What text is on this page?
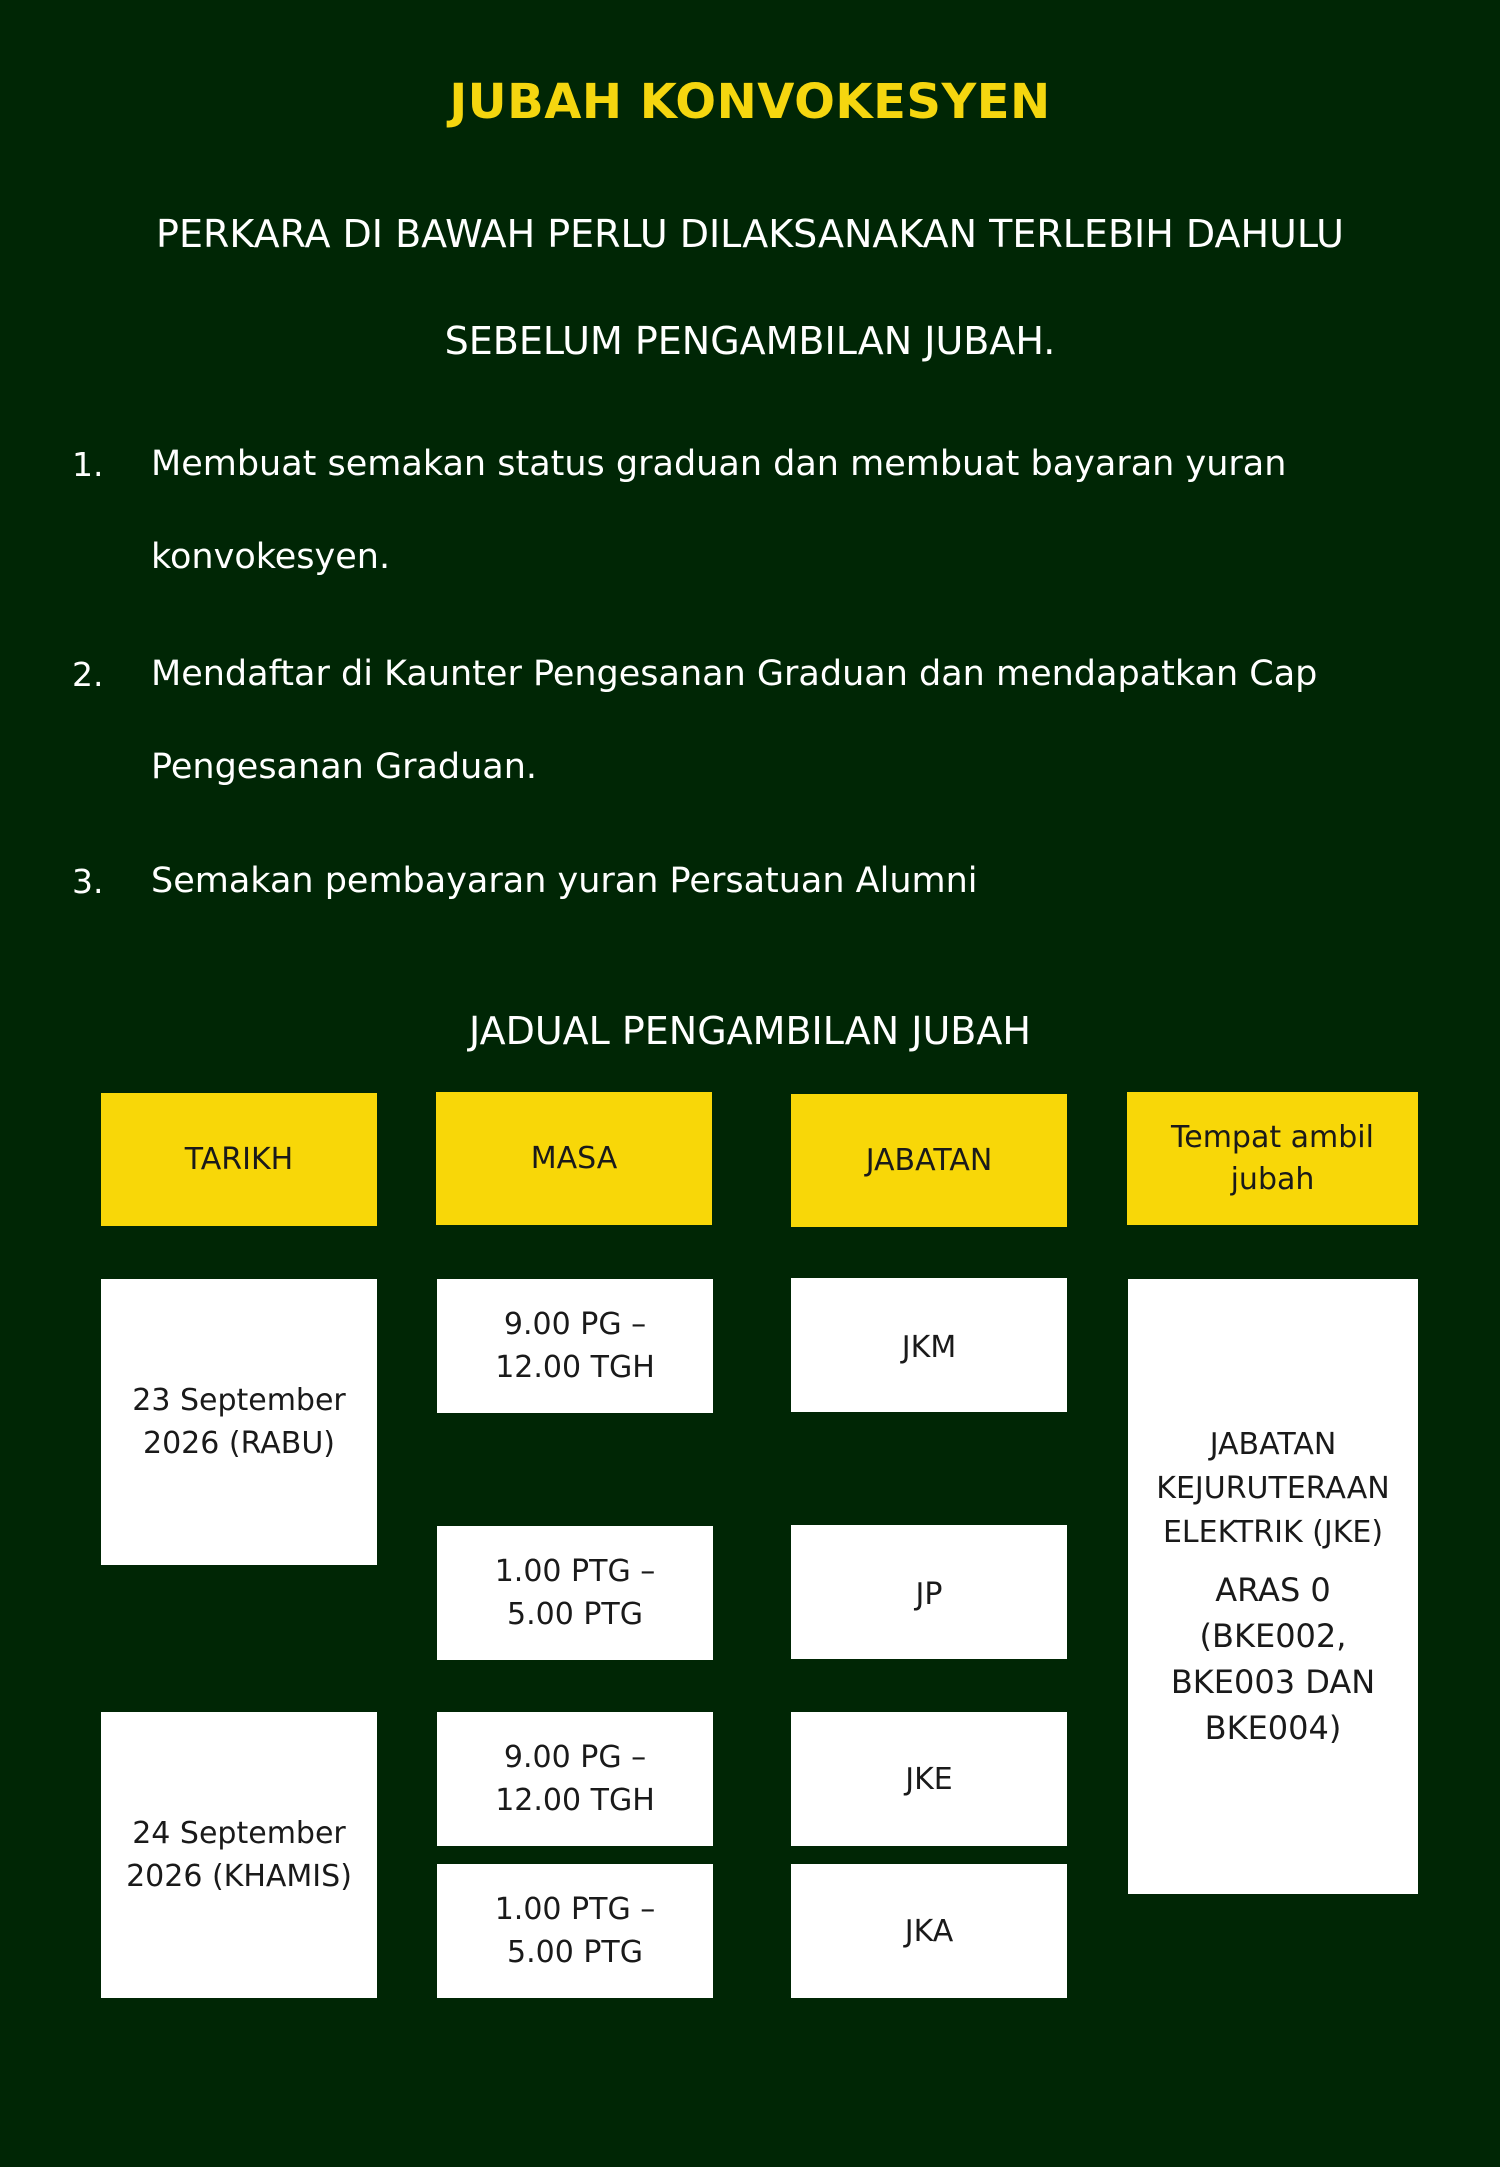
JUBAH KONVOKESYEN
PERKARA DI BAWAH PERLU DILAKSANAKAN TERLEBIH DAHULU
SEBELUM PENGAMBILAN JUBAH.
1. Membuat semakan status graduan dan membuat bayaran yuran
konvokesyen.
2. Mendaftar di Kaunter Pengesanan Graduan dan mendapatkan Cap
Pengesanan Graduan.
3. Semakan pembayaran yuran Persatuan Alumni
JADUAL PENGAMBILAN JUBAH
TARIKH	MASA	JABATAN
Tempat ambil
jubah
23 September
2026 (RABU)
24 September
2026 (KHAMIS)
9.00 PG –
12.00 TGH
1.00 PTG –
5.00 PTG
9.00 PG –
12.00 TGH
1.00 PTG –
5.00 PTG
JKM
JP
JKE
JKA
JABATAN
KEJURUTERAAN
ELEKTRIK (JKE)
ARAS 0
(BKE002,
BKE003 DAN
BKE004)
